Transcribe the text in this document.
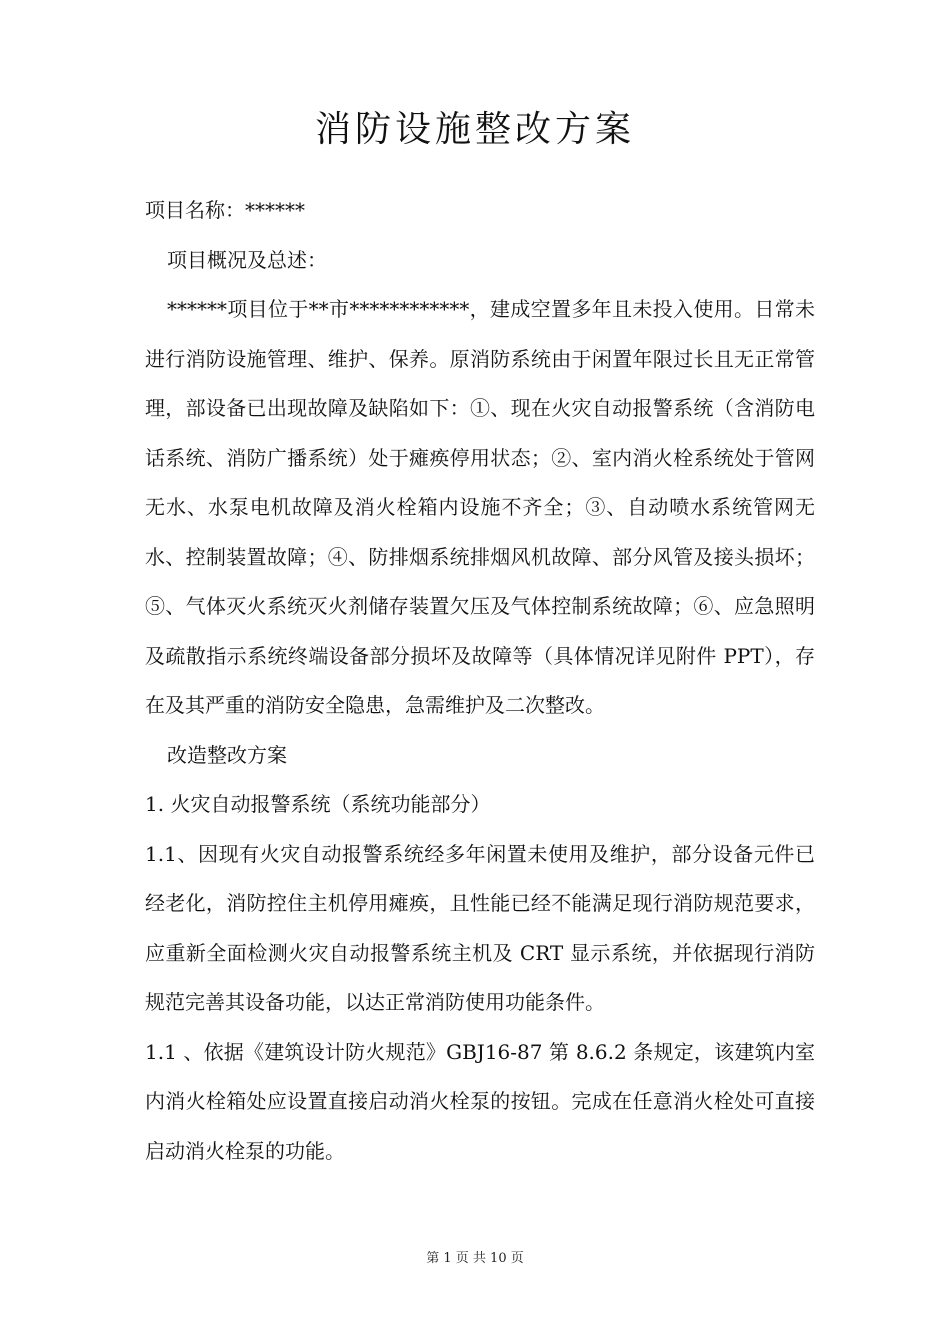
消防设施整改方案

项目名称：******

项目概况及总述：

******项目位于**市************，建成空置多年且未投入使用。日常未进行消防设施管理、维护、保养。原消防系统由于闲置年限过长且无正常管理，部设备已出现故障及缺陷如下：①、现在火灾自动报警系统（含消防电话系统、消防广播系统）处于瘫痪停用状态；②、室内消火栓系统处于管网无水、水泵电机故障及消火栓箱内设施不齐全；③、自动喷水系统管网无水、控制装置故障；④、防排烟系统排烟风机故障、部分风管及接头损坏；⑤、气体灭火系统灭火剂储存装置欠压及气体控制系统故障；⑥、应急照明及疏散指示系统终端设备部分损坏及故障等（具体情况详见附件 PPT），存在及其严重的消防安全隐患，急需维护及二次整改。

改造整改方案

1. 火灾自动报警系统（系统功能部分）

1.1、因现有火灾自动报警系统经多年闲置未使用及维护，部分设备元件已经老化，消防控住主机停用瘫痪，且性能已经不能满足现行消防规范要求，应重新全面检测火灾自动报警系统主机及 CRT 显示系统，并依据现行消防规范完善其设备功能，以达正常消防使用功能条件。

1.1 、依据《建筑设计防火规范》GBJ16-87 第 8.6.2 条规定，该建筑内室内消火栓箱处应设置直接启动消火栓泵的按钮。完成在任意消火栓处可直接启动消火栓泵的功能。

第 1 页 共 10 页
